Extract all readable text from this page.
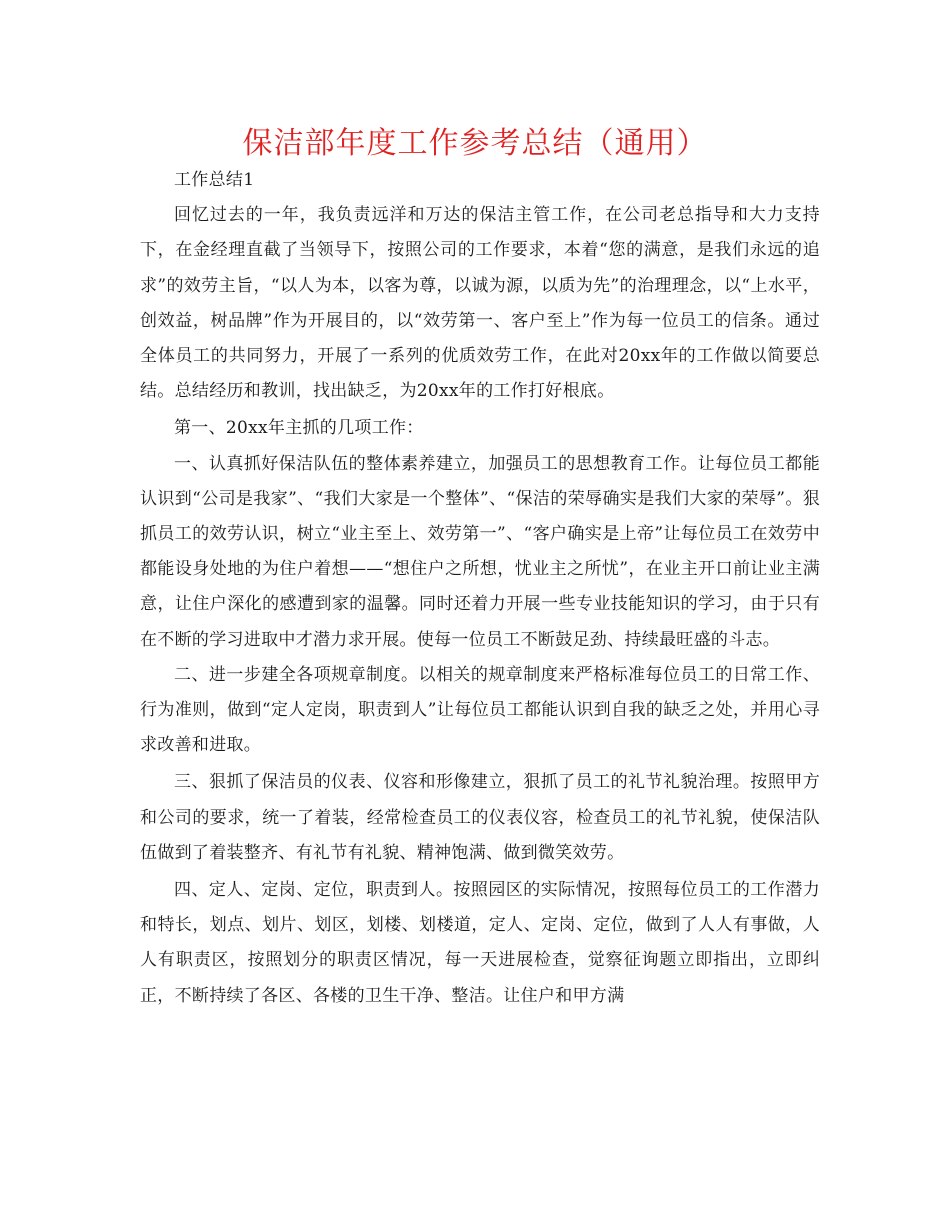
保洁部年度工作参考总结（通用）

工作总结1

回忆过去的一年，我负责远洋和万达的保洁主管工作，在公司老总指导和大力支持下，在金经理直截了当领导下，按照公司的工作要求，本着“您的满意，是我们永远的追求”的效劳主旨，“以人为本，以客为尊，以诚为源，以质为先”的治理理念，以“上水平，创效益，树品牌”作为开展目的，以“效劳第一、客户至上”作为每一位员工的信条。通过全体员工的共同努力，开展了一系列的优质效劳工作，在此对20xx年的工作做以简要总结。总结经历和教训，找出缺乏，为20xx年的工作打好根底。

第一、20xx年主抓的几项工作：

一、认真抓好保洁队伍的整体素养建立，加强员工的思想教育工作。让每位员工都能认识到“公司是我家”、“我们大家是一个整体”、“保洁的荣辱确实是我们大家的荣辱”。狠抓员工的效劳认识，树立“业主至上、效劳第一”、“客户确实是上帝”让每位员工在效劳中都能设身处地的为住户着想——“想住户之所想，忧业主之所忧”，在业主开口前让业主满意，让住户深化的感遭到家的温馨。同时还着力开展一些专业技能知识的学习，由于只有在不断的学习进取中才潜力求开展。使每一位员工不断鼓足劲、持续最旺盛的斗志。

二、进一步建全各项规章制度。以相关的规章制度来严格标准每位员工的日常工作、行为准则，做到“定人定岗，职责到人”让每位员工都能认识到自我的缺乏之处，并用心寻求改善和进取。

三、狠抓了保洁员的仪表、仪容和形像建立，狠抓了员工的礼节礼貌治理。按照甲方和公司的要求，统一了着装，经常检查员工的仪表仪容，检查员工的礼节礼貌，使保洁队伍做到了着装整齐、有礼节有礼貌、精神饱满、做到微笑效劳。

四、定人、定岗、定位，职责到人。按照园区的实际情况，按照每位员工的工作潜力和特长，划点、划片、划区，划楼、划楼道，定人、定岗、定位，做到了人人有事做，人人有职责区，按照划分的职责区情况，每一天进展检查，觉察征询题立即指出，立即纠正，不断持续了各区、各楼的卫生干净、整洁。让住户和甲方满
